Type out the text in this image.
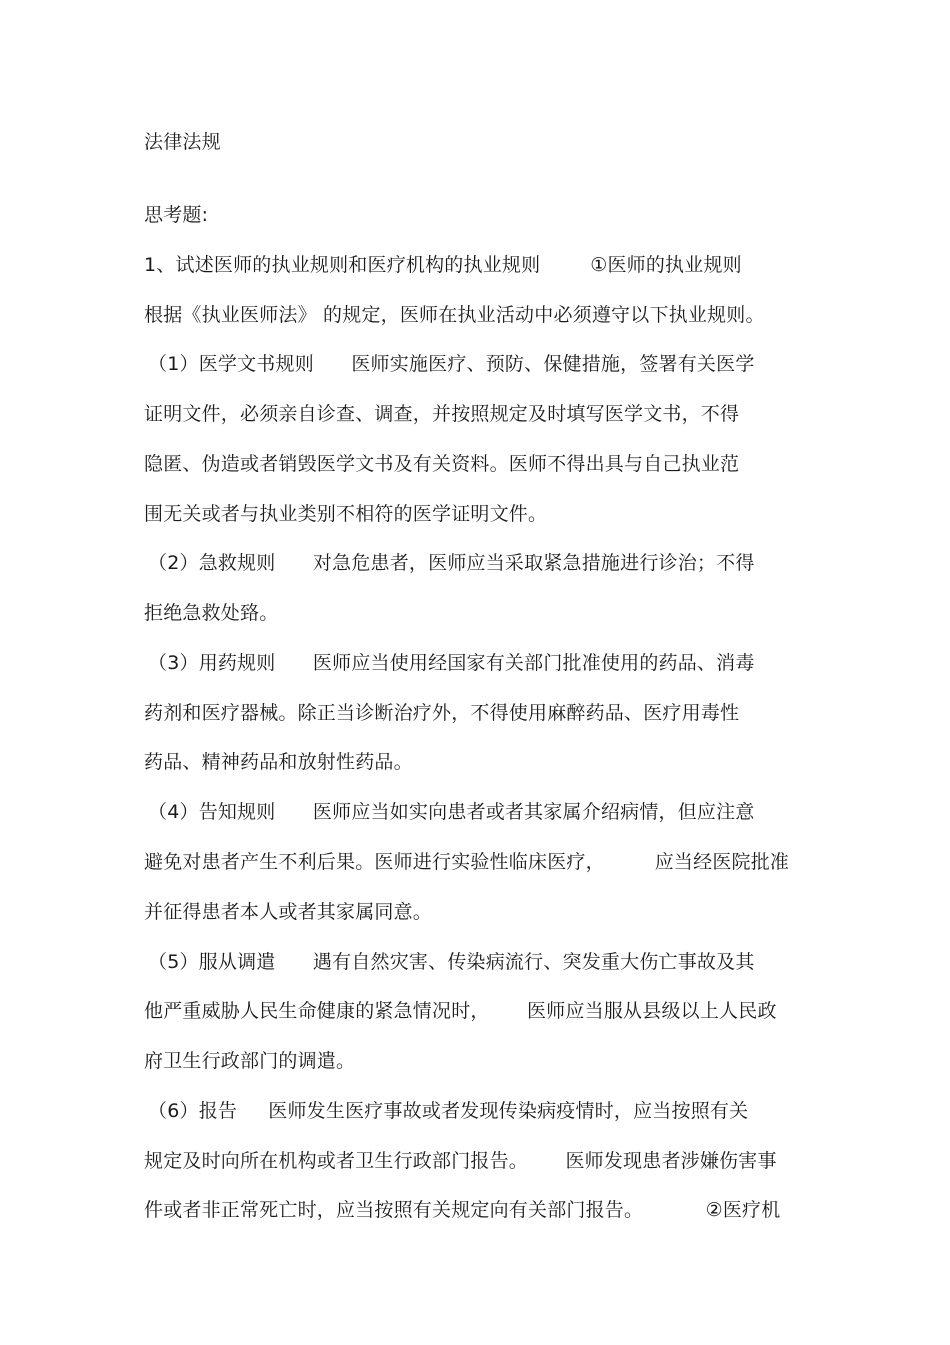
法律法规
思考题:
1、试述医师的执业规则和医疗机构的执业规则        ①医师的执业规则
根据《执业医师法》 的规定，医师在执业活动中必须遵守以下执业规则。
（1）医学文书规则      医师实施医疗、预防、保健措施，签署有关医学
证明文件，必须亲自诊查、调查，并按照规定及时填写医学文书，不得
隐匿、伪造或者销毁医学文书及有关资料。医师不得出具与自己执业范
围无关或者与执业类别不相符的医学证明文件。
（2）急救规则      对急危患者，医师应当采取紧急措施进行诊治；不得
拒绝急救处臵。
（3）用药规则      医师应当使用经国家有关部门批准使用的药品、消毒
药剂和医疗器械。除正当诊断治疗外，不得使用麻醉药品、医疗用毒性
药品、精神药品和放射性药品。
（4）告知规则      医师应当如实向患者或者其家属介绍病情，但应注意
避免对患者产生不利后果。医师进行实验性临床医疗，        应当经医院批准
并征得患者本人或者其家属同意。
（5）服从调遣      遇有自然灾害、传染病流行、突发重大伤亡事故及其
他严重威胁人民生命健康的紧急情况时，      医师应当服从县级以上人民政
府卫生行政部门的调遣。
（6）报告     医师发生医疗事故或者发现传染病疫情时，应当按照有关
规定及时向所在机构或者卫生行政部门报告。      医师发现患者涉嫌伤害事
件或者非正常死亡时，应当按照有关规定向有关部门报告。          ②医疗机
